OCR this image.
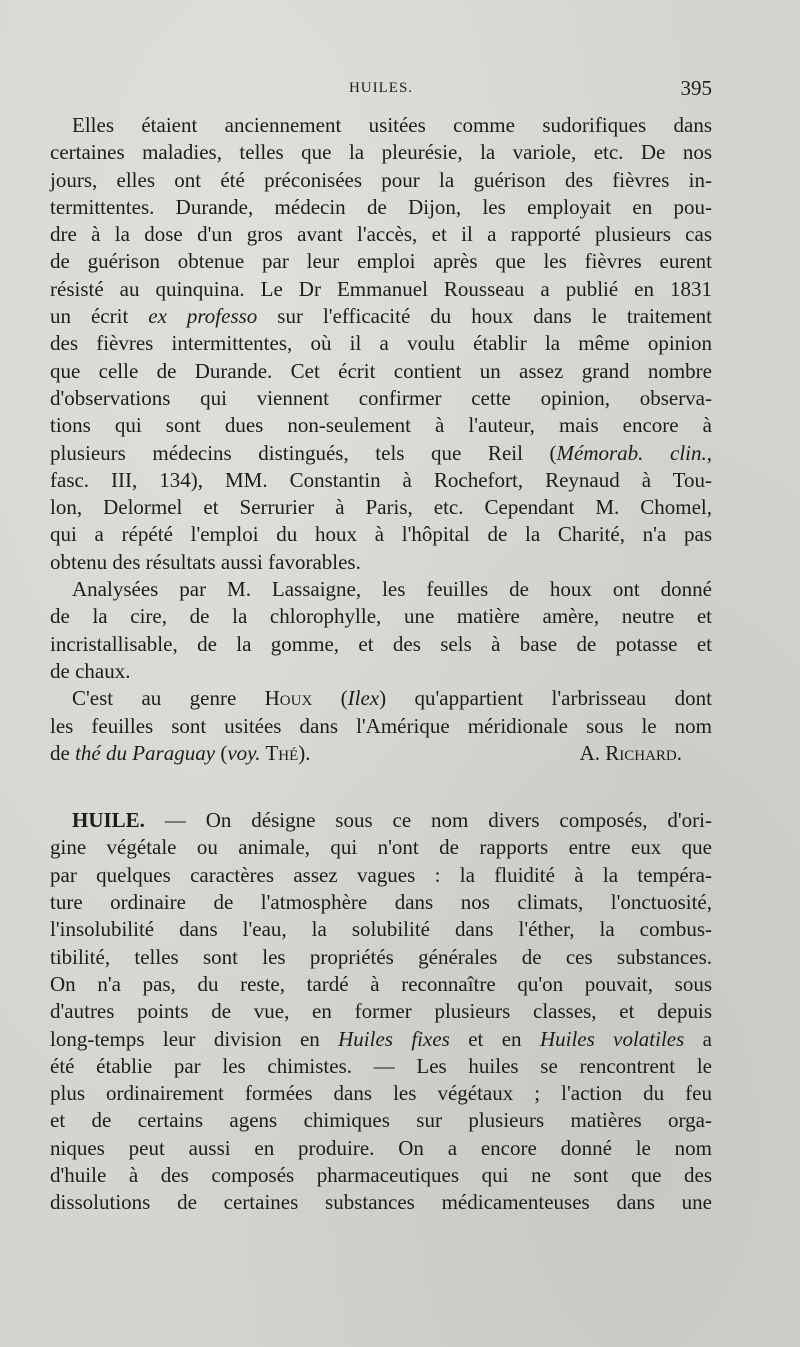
HUILES.	395
Elles étaient anciennement usitées comme sudorifiques dans
certaines maladies, telles que la pleurésie, la variole, etc. De nos
jours, elles ont été préconisées pour la guérison des fièvres in-
termittentes. Durande, médecin de Dijon, les employait en pou-
dre à la dose d'un gros avant l'accès, et il a rapporté plusieurs cas
de guérison obtenue par leur emploi après que les fièvres eurent
résisté au quinquina. Le Dr Emmanuel Rousseau a publié en 1831
un écrit ex professo sur l'efficacité du houx dans le traitement
des fièvres intermittentes, où il a voulu établir la même opinion
que celle de Durande. Cet écrit contient un assez grand nombre
d'observations qui viennent confirmer cette opinion, observa-
tions qui sont dues non-seulement à l'auteur, mais encore à
plusieurs médecins distingués, tels que Reil (Mémorab. clin.,
fasc. III, 134), MM. Constantin à Rochefort, Reynaud à Tou-
lon, Delormel et Serrurier à Paris, etc. Cependant M. Chomel,
qui a répété l'emploi du houx à l'hôpital de la Charité, n'a pas
obtenu des résultats aussi favorables.
Analysées par M. Lassaigne, les feuilles de houx ont donné
de la cire, de la chlorophylle, une matière amère, neutre et
incristallisable, de la gomme, et des sels à base de potasse et
de chaux.
C'est au genre Houx (Ilex) qu'appartient l'arbrisseau dont
les feuilles sont usitées dans l'Amérique méridionale sous le nom
de thé du Paraguay (voy. Thé).	A. Richard.
HUILE. — On désigne sous ce nom divers composés, d'ori-
gine végétale ou animale, qui n'ont de rapports entre eux que
par quelques caractères assez vagues : la fluidité à la tempéra-
ture ordinaire de l'atmosphère dans nos climats, l'onctuosité,
l'insolubilité dans l'eau, la solubilité dans l'éther, la combus-
tibilité, telles sont les propriétés générales de ces substances.
On n'a pas, du reste, tardé à reconnaître qu'on pouvait, sous
d'autres points de vue, en former plusieurs classes, et depuis
long-temps leur division en Huiles fixes et en Huiles volatiles a
été établie par les chimistes. — Les huiles se rencontrent le
plus ordinairement formées dans les végétaux ; l'action du feu
et de certains agens chimiques sur plusieurs matières orga-
niques peut aussi en produire. On a encore donné le nom
d'huile à des composés pharmaceutiques qui ne sont que des
dissolutions de certaines substances médicamenteuses dans une
